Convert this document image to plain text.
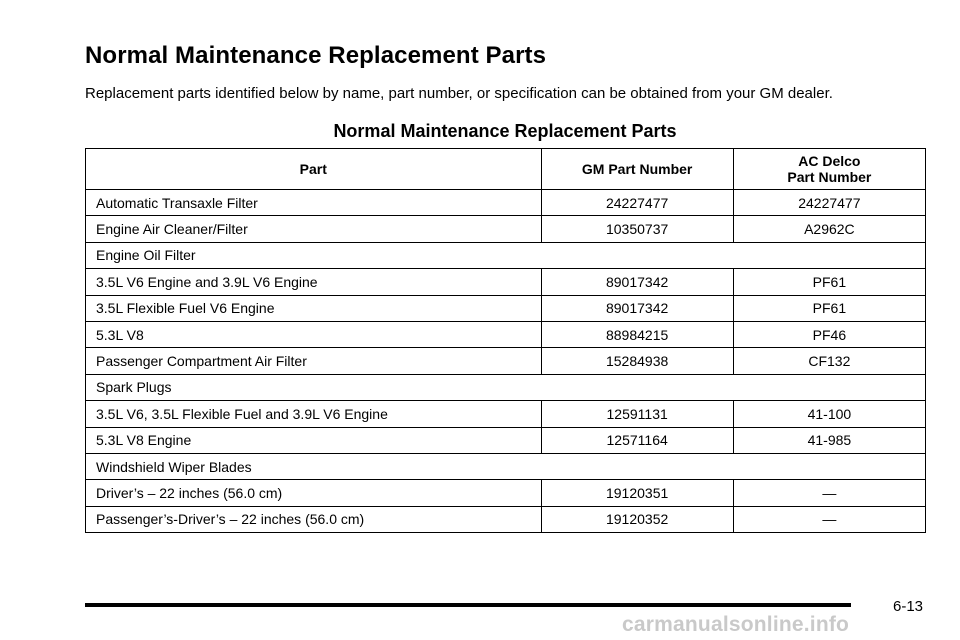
Normal Maintenance Replacement Parts
Replacement parts identified below by name, part number, or specification can be obtained from your GM dealer.
Normal Maintenance Replacement Parts
Part	GM Part Number	AC Delco
Part Number

Automatic Transaxle Filter	24227477	24227477
Engine Air Cleaner/Filter	10350737	A2962C
Engine Oil Filter		
3.5L V6 Engine and 3.9L V6 Engine	89017342	PF61
3.5L Flexible Fuel V6 Engine	89017342	PF61
5.3L V8	88984215	PF46
Passenger Compartment Air Filter	15284938	CF132
Spark Plugs		
3.5L V6, 3.5L Flexible Fuel and 3.9L V6 Engine	12591131	41-100
5.3L V8 Engine	12571164	41-985
Windshield Wiper Blades		
Driver’s – 22 inches (56.0 cm)	19120351	—
Passenger’s-Driver’s – 22 inches (56.0 cm)	19120352	—
6-13
carmanualsonline.info
